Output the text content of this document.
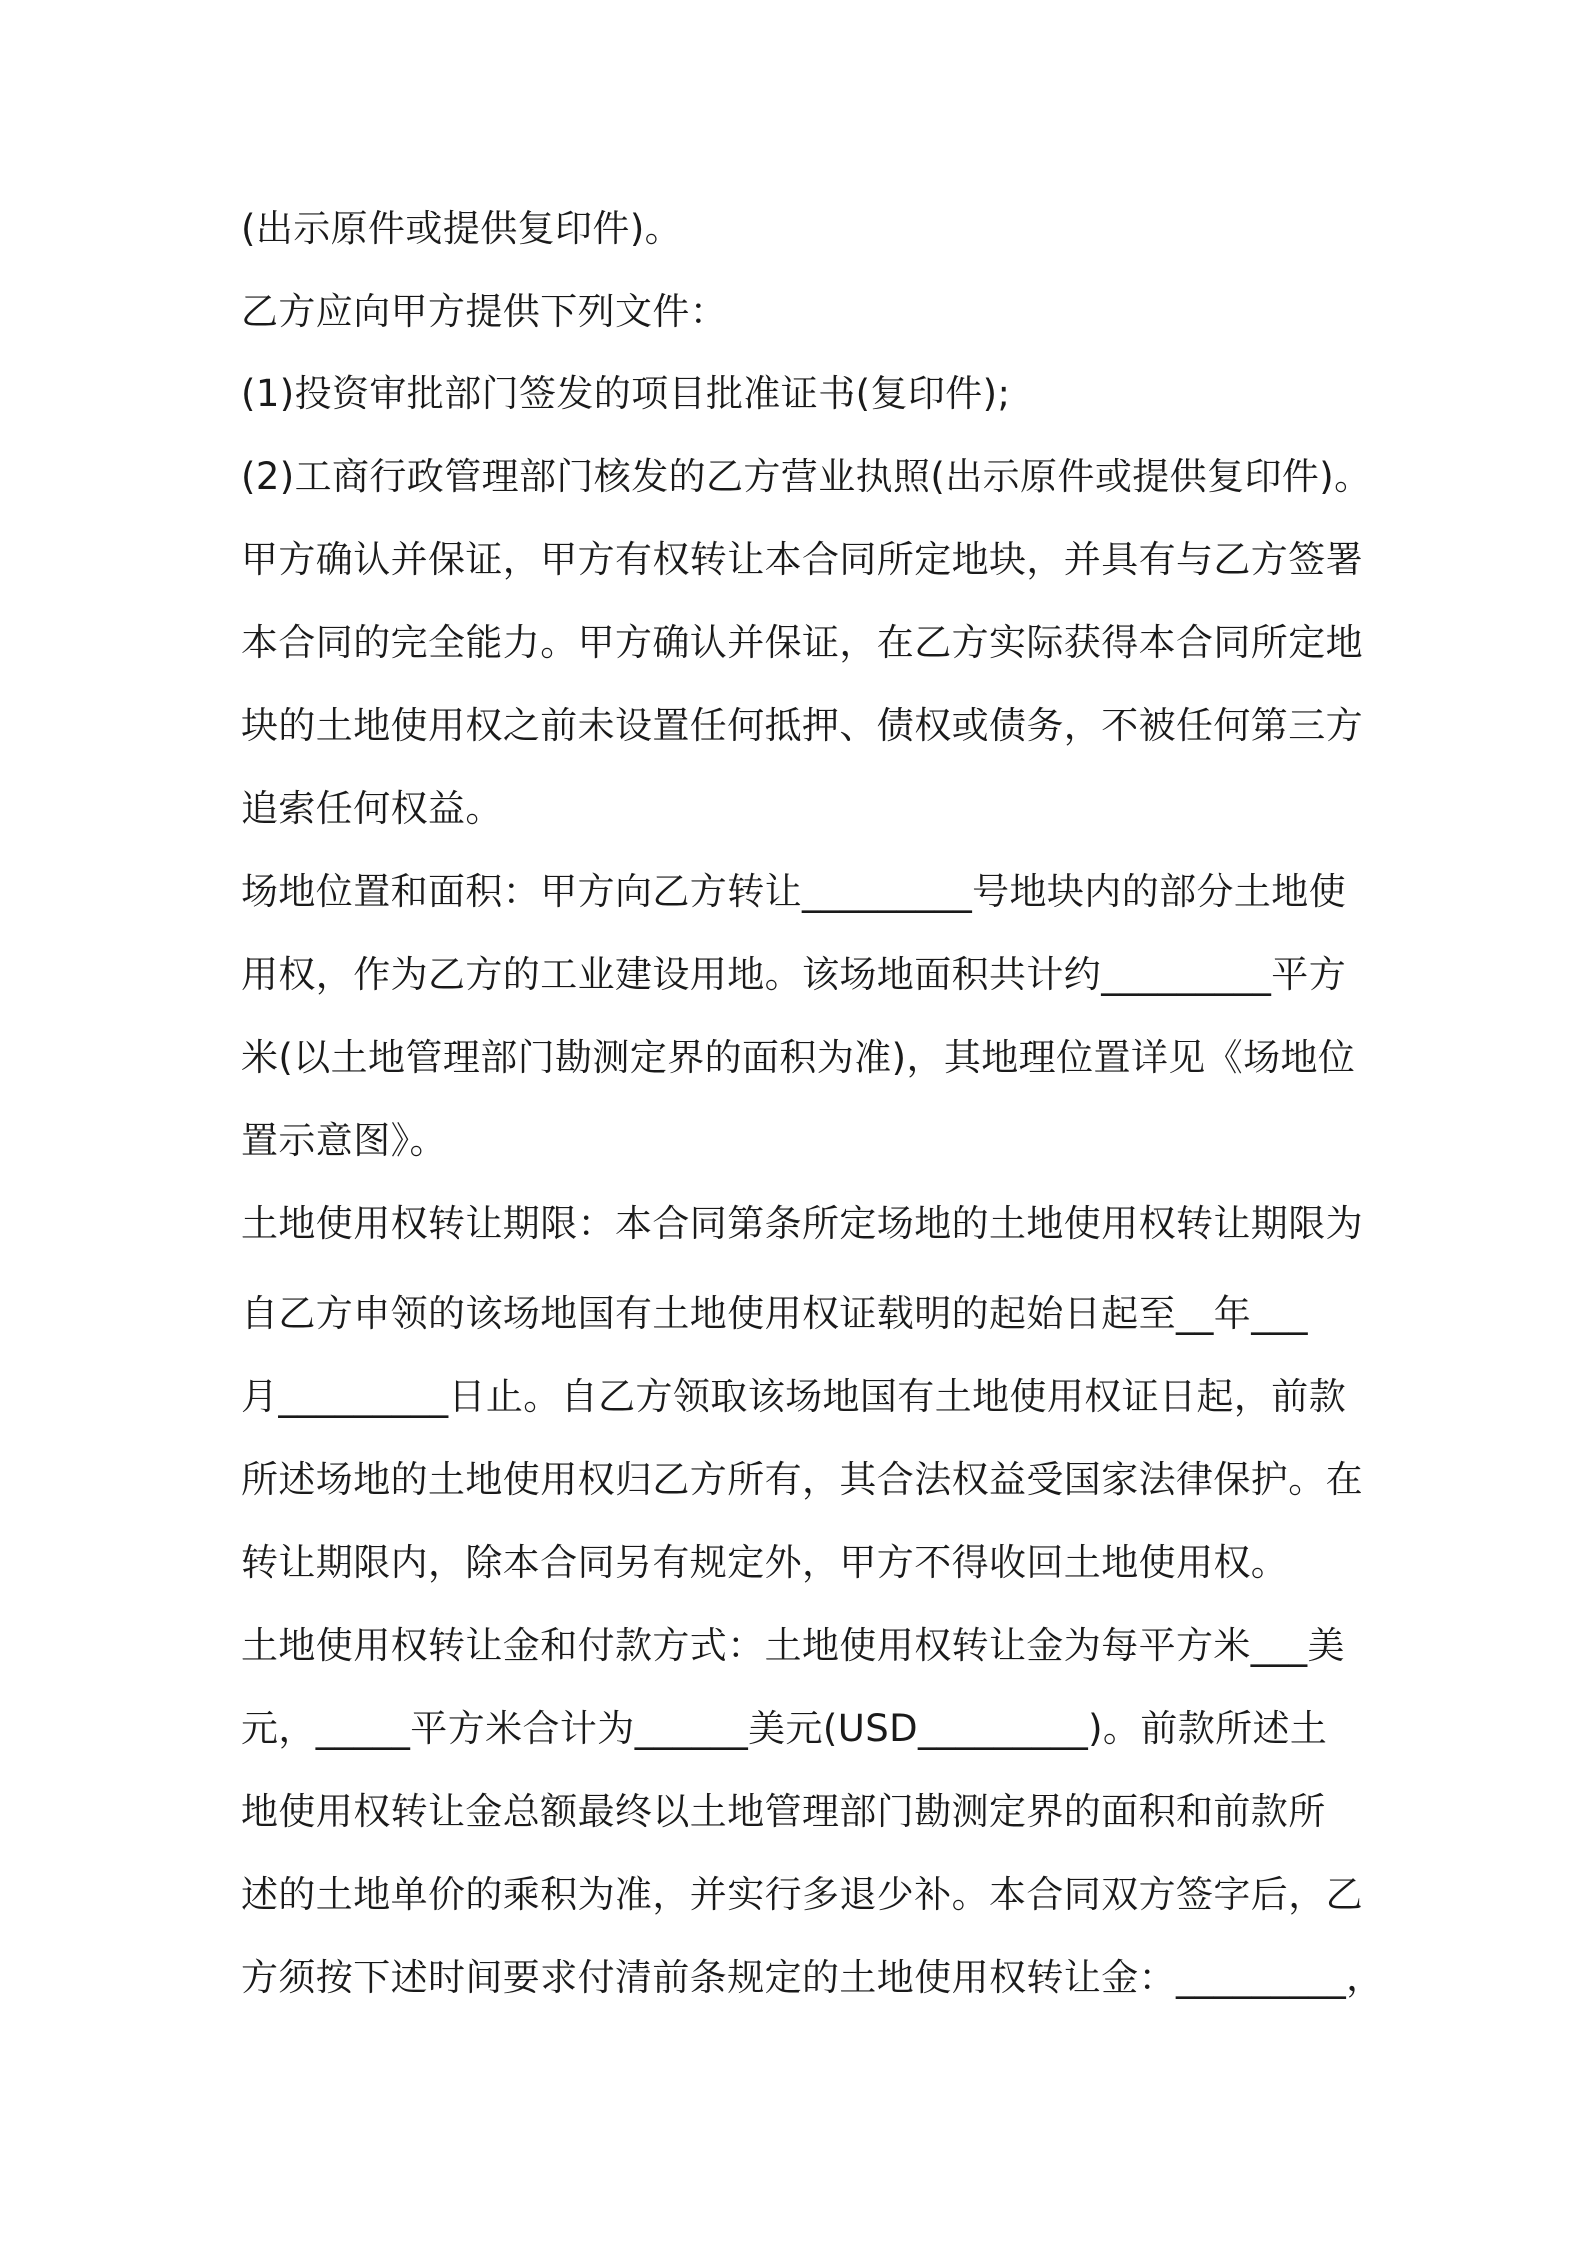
(出示原件或提供复印件)。
乙方应向甲方提供下列文件：
(1)投资审批部门签发的项目批准证书(复印件);
(2)工商行政管理部门核发的乙方营业执照(出示原件或提供复印件)。
甲方确认并保证，甲方有权转让本合同所定地块，并具有与乙方签署
本合同的完全能力。甲方确认并保证，在乙方实际获得本合同所定地
块的土地使用权之前未设置任何抵押、债权或债务，不被任何第三方
追索任何权益。
场地位置和面积：甲方向乙方转让_________号地块内的部分土地使
用权，作为乙方的工业建设用地。该场地面积共计约_________平方
米(以土地管理部门勘测定界的面积为准)，其地理位置详见《场地位
置示意图》。
土地使用权转让期限：本合同第条所定场地的土地使用权转让期限为
自乙方申领的该场地国有土地使用权证载明的起始日起至__年___
月_________日止。自乙方领取该场地国有土地使用权证日起，前款
所述场地的土地使用权归乙方所有，其合法权益受国家法律保护。在
转让期限内，除本合同另有规定外，甲方不得收回土地使用权。
土地使用权转让金和付款方式：土地使用权转让金为每平方米___美
元，_____平方米合计为______美元(USD_________)。前款所述土
地使用权转让金总额最终以土地管理部门勘测定界的面积和前款所
述的土地单价的乘积为准，并实行多退少补。本合同双方签字后，乙
方须按下述时间要求付清前条规定的土地使用权转让金：_________，
